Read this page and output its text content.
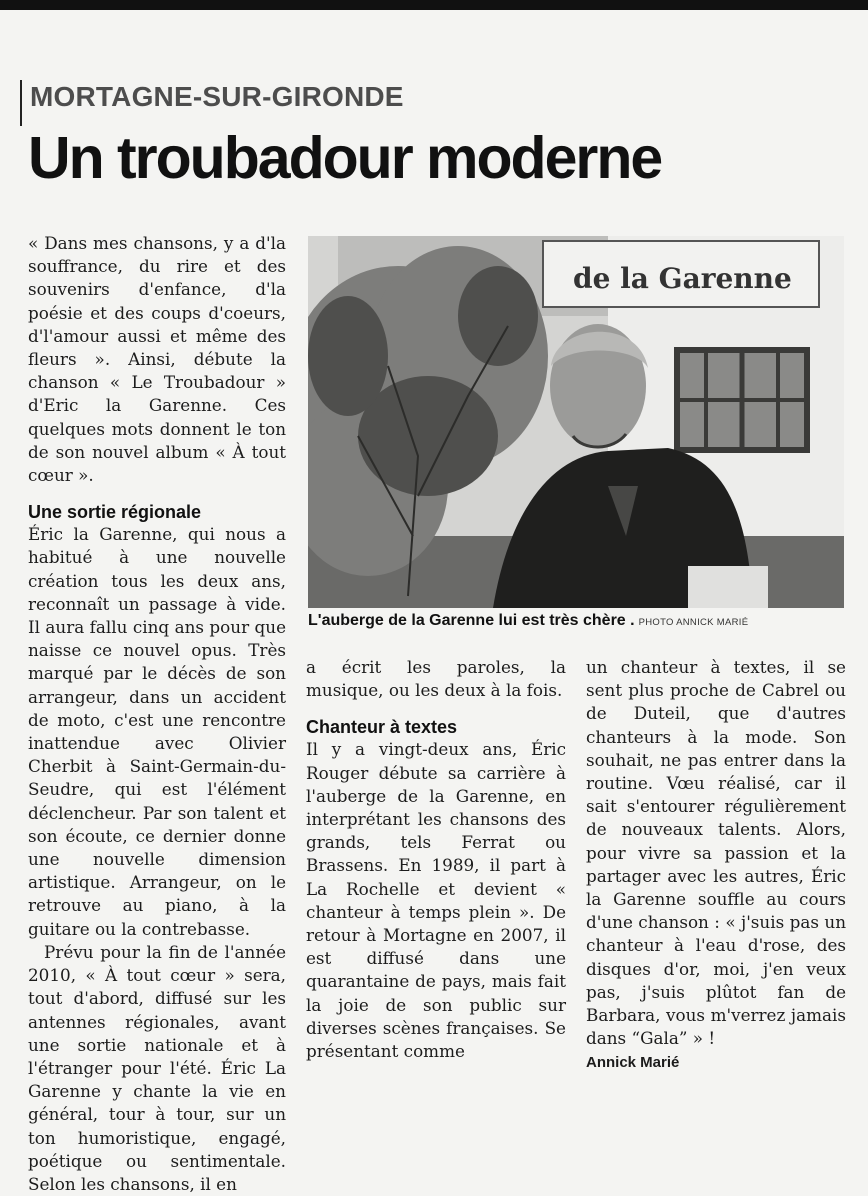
MORTAGNE-SUR-GIRONDE
Un troubadour moderne

« Dans mes chansons, y a d'la souffrance, du rire et des souvenirs d'enfance, d'la poésie et des coups d'coeurs, d'l'amour aussi et même des fleurs ». Ainsi, débute la chanson « Le Troubadour » d'Eric la Garenne. Ces quelques mots donnent le ton de son nouvel album « À tout cœur ».

Une sortie régionale

Éric la Garenne, qui nous a habitué à une nouvelle création tous les deux ans, reconnaît un passage à vide. Il aura fallu cinq ans pour que naisse ce nouvel opus. Très marqué par le décès de son arrangeur, dans un accident de moto, c'est une rencontre inattendue avec Olivier Cherbit à Saint-Germain-du-Seudre, qui est l'élément déclencheur. Par son talent et son écoute, ce dernier donne une nouvelle dimension artistique. Arrangeur, on le retrouve au piano, à la guitare ou la contrebasse.

Prévu pour la fin de l'année 2010, « À tout cœur » sera, tout d'abord, diffusé sur les antennes régionales, avant une sortie nationale et à l'étranger pour l'été. Éric La Garenne y chante la vie en général, tour à tour, sur un ton humoristique, engagé, poétique ou sentimentale. Selon les chansons, il en

de la Garenne
L'auberge de la Garenne lui est très chère . PHOTO ANNICK MARIÉ

a écrit les paroles, la musique, ou les deux à la fois.

Chanteur à textes

Il y a vingt-deux ans, Éric Rouger débute sa carrière à l'auberge de la Garenne, en interprétant les chansons des grands, tels Ferrat ou Brassens. En 1989, il part à La Rochelle et devient « chanteur à temps plein ». De retour à Mortagne en 2007, il est diffusé dans une quarantaine de pays, mais fait la joie de son public sur diverses scènes françaises. Se présentant comme

un chanteur à textes, il se sent plus proche de Cabrel ou de Duteil, que d'autres chanteurs à la mode. Son souhait, ne pas entrer dans la routine. Vœu réalisé, car il sait s'entourer régulièrement de nouveaux talents. Alors, pour vivre sa passion et la partager avec les autres, Éric la Garenne souffle au cours d'une chanson : « j'suis pas un chanteur à l'eau d'rose, des disques d'or, moi, j'en veux pas, j'suis plûtot fan de Barbara, vous m'verrez jamais dans “Gala” » !

Annick Marié
